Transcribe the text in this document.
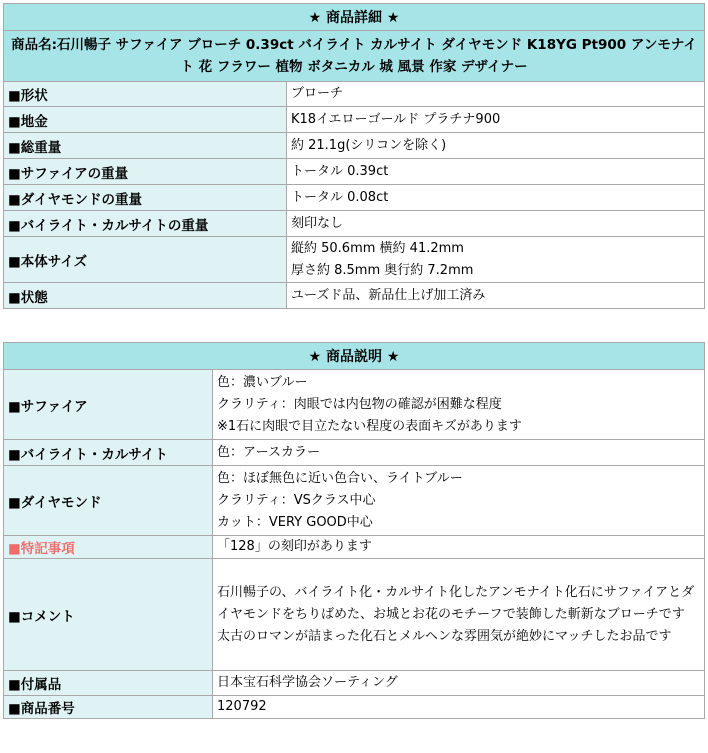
★ 商品詳細 ★	
商品名:石川暢子 サファイア ブローチ 0.39ct バイライト カルサイト ダイヤモンド K18YG Pt900 アンモナイト 花 フラワー 植物 ボタニカル 城 風景 作家 デザイナー	
■形状	ブローチ

■地金	K18イエローゴールド プラチナ900

■総重量	約 21.1g(シリコンを除く)

■サファイアの重量	トータル 0.39ct

■ダイヤモンドの重量	トータル 0.08ct

■バイライト・カルサイトの重量	刻印なし

■本体サイズ	縦約 50.6mm 横約 41.2mm
厚さ約 8.5mm 奥行約 7.2mm

■状態	ユーズド品、新品仕上げ加工済み
★ 商品説明 ★	
■サファイア	色：濃いブルー
クラリティ：肉眼では内包物の確認が困難な程度
※1石に肉眼で目立たない程度の表面キズがあります

■バイライト・カルサイト	色：アースカラー

■ダイヤモンド	色：ほぼ無色に近い色合い、ライトブルー
クラリティ：VSクラス中心
カット：VERY GOOD中心

■特記事項	「128」の刻印があります

■コメント	石川暢子の、バイライト化・カルサイト化したアンモナイト化石にサファイアとダイヤモンドをちりばめた、お城とお花のモチーフで装飾した斬新なブローチです
太古のロマンが詰まった化石とメルヘンな雰囲気が絶妙にマッチしたお品です

■付属品	日本宝石科学協会ソーティング

■商品番号	120792
